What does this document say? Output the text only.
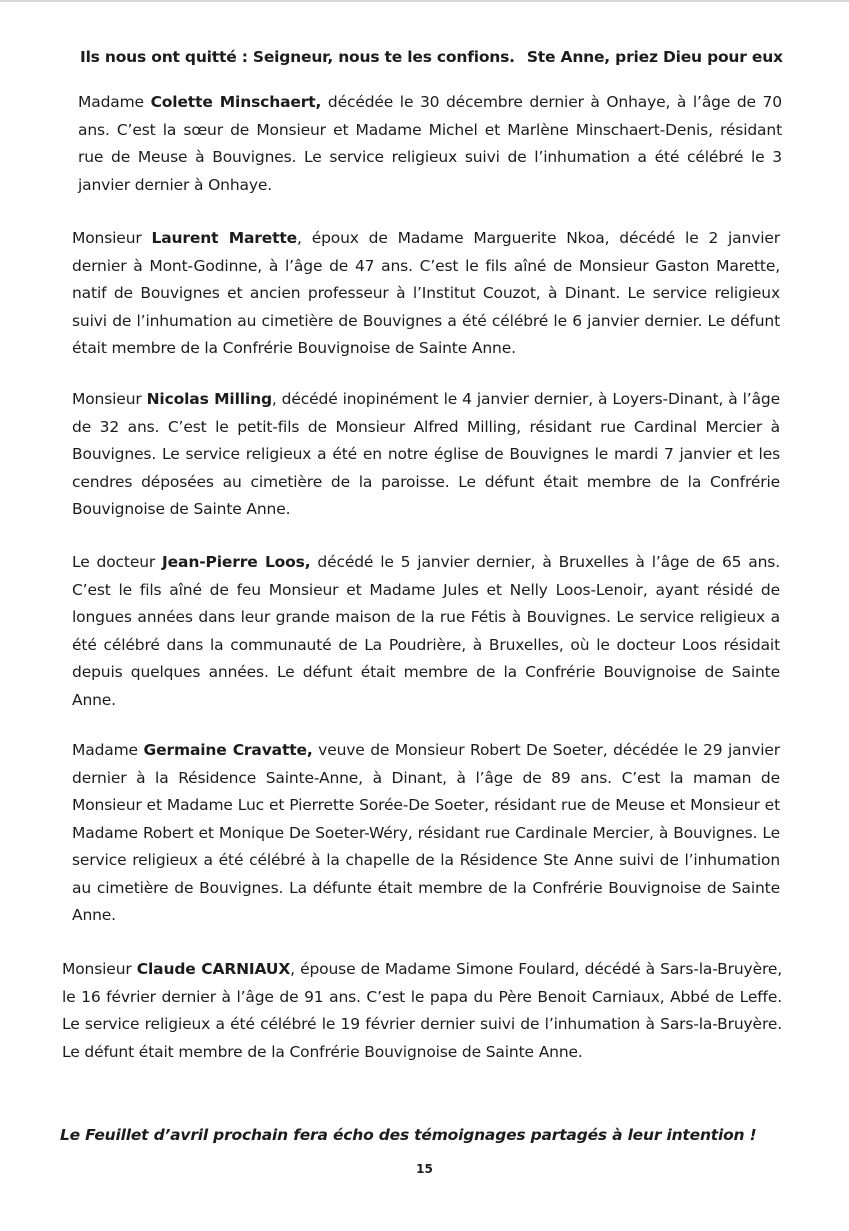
Ils nous ont quitté : Seigneur, nous te les confions. Ste Anne, priez Dieu pour eux

Madame Colette Minschaert, décédée le 30 décembre dernier à Onhaye, à l’âge de 70 ans. C’est la sœur de Monsieur et Madame Michel et Marlène Minschaert-Denis, résidant rue de Meuse à Bouvignes. Le service religieux suivi de l’inhumation a été célébré le 3 janvier dernier à Onhaye.

Monsieur Laurent Marette, époux de Madame Marguerite Nkoa, décédé le 2 janvier dernier à Mont-Godinne, à l’âge de 47 ans. C’est le fils aîné de Monsieur Gaston Marette, natif de Bouvignes et ancien professeur à l’Institut Couzot, à Dinant. Le service religieux suivi de l’inhumation au cimetière de Bouvignes a été célébré le 6 janvier dernier. Le défunt était membre de la Confrérie Bouvignoise de Sainte Anne.

Monsieur Nicolas Milling, décédé inopinément le 4 janvier dernier, à Loyers-Dinant, à l’âge de 32 ans. C’est le petit-fils de Monsieur Alfred Milling, résidant rue Cardinal Mercier à Bouvignes. Le service religieux a été en notre église de Bouvignes le mardi 7 janvier et les cendres déposées au cimetière de la paroisse. Le défunt était membre de la Confrérie Bouvignoise de Sainte Anne.

Le docteur Jean-Pierre Loos, décédé le 5 janvier dernier, à Bruxelles à l’âge de 65 ans. C’est le fils aîné de feu Monsieur et Madame Jules et Nelly Loos-Lenoir, ayant résidé de longues années dans leur grande maison de la rue Fétis à Bouvignes. Le service religieux a été célébré dans la communauté de La Poudrière, à Bruxelles, où le docteur Loos résidait depuis quelques années. Le défunt était membre de la Confrérie Bouvignoise de Sainte Anne.

Madame Germaine Cravatte, veuve de Monsieur Robert De Soeter, décédée le 29 janvier dernier à la Résidence Sainte-Anne, à Dinant, à l’âge de 89 ans. C’est la maman de Monsieur et Madame Luc et Pierrette Sorée-De Soeter, résidant rue de Meuse et Monsieur et Madame Robert et Monique De Soeter-Wéry, résidant rue Cardinale Mercier, à Bouvignes. Le service religieux a été célébré à la chapelle de la Résidence Ste Anne suivi de l’inhumation au cimetière de Bouvignes. La défunte était membre de la Confrérie Bouvignoise de Sainte Anne.

Monsieur Claude CARNIAUX, épouse de Madame Simone Foulard, décédé à Sars-la-Bruyère, le 16 février dernier à l’âge de 91 ans. C’est le papa du Père Benoit Carniaux, Abbé de Leffe. Le service religieux a été célébré le 19 février dernier suivi de l’inhumation à Sars-la-Bruyère. Le défunt était membre de la Confrérie Bouvignoise de Sainte Anne.

Le Feuillet d’avril prochain fera écho des témoignages partagés à leur intention !
15
